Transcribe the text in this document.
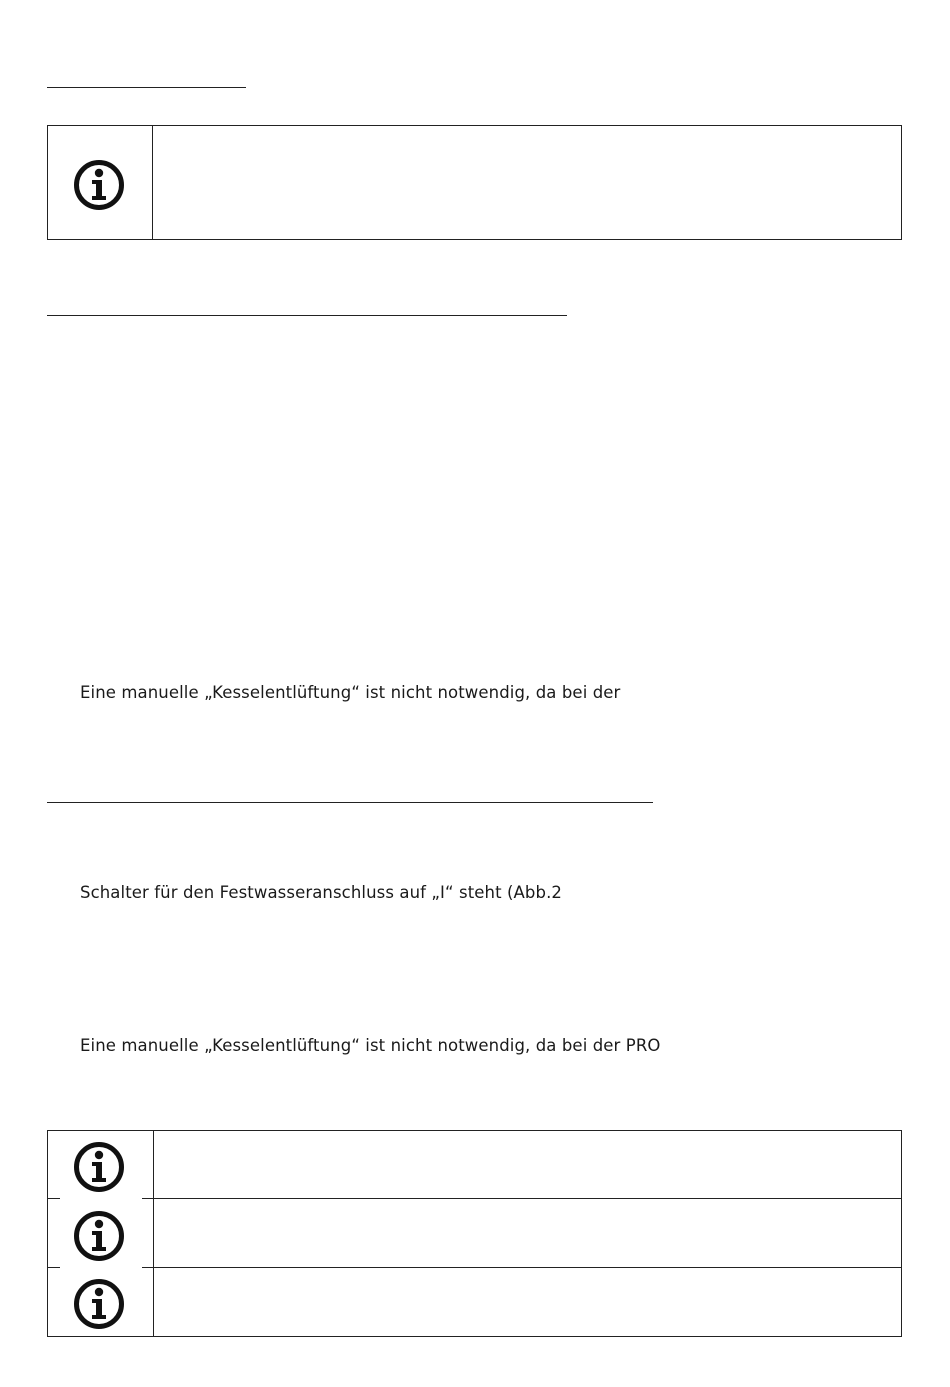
Eine manuelle „Kesselentlüftung“ ist nicht notwendig, da bei der
Schalter für den Festwasseranschluss auf „I“ steht (Abb.2
Eine manuelle „Kesselentlüftung“ ist nicht notwendig, da bei der PRO
